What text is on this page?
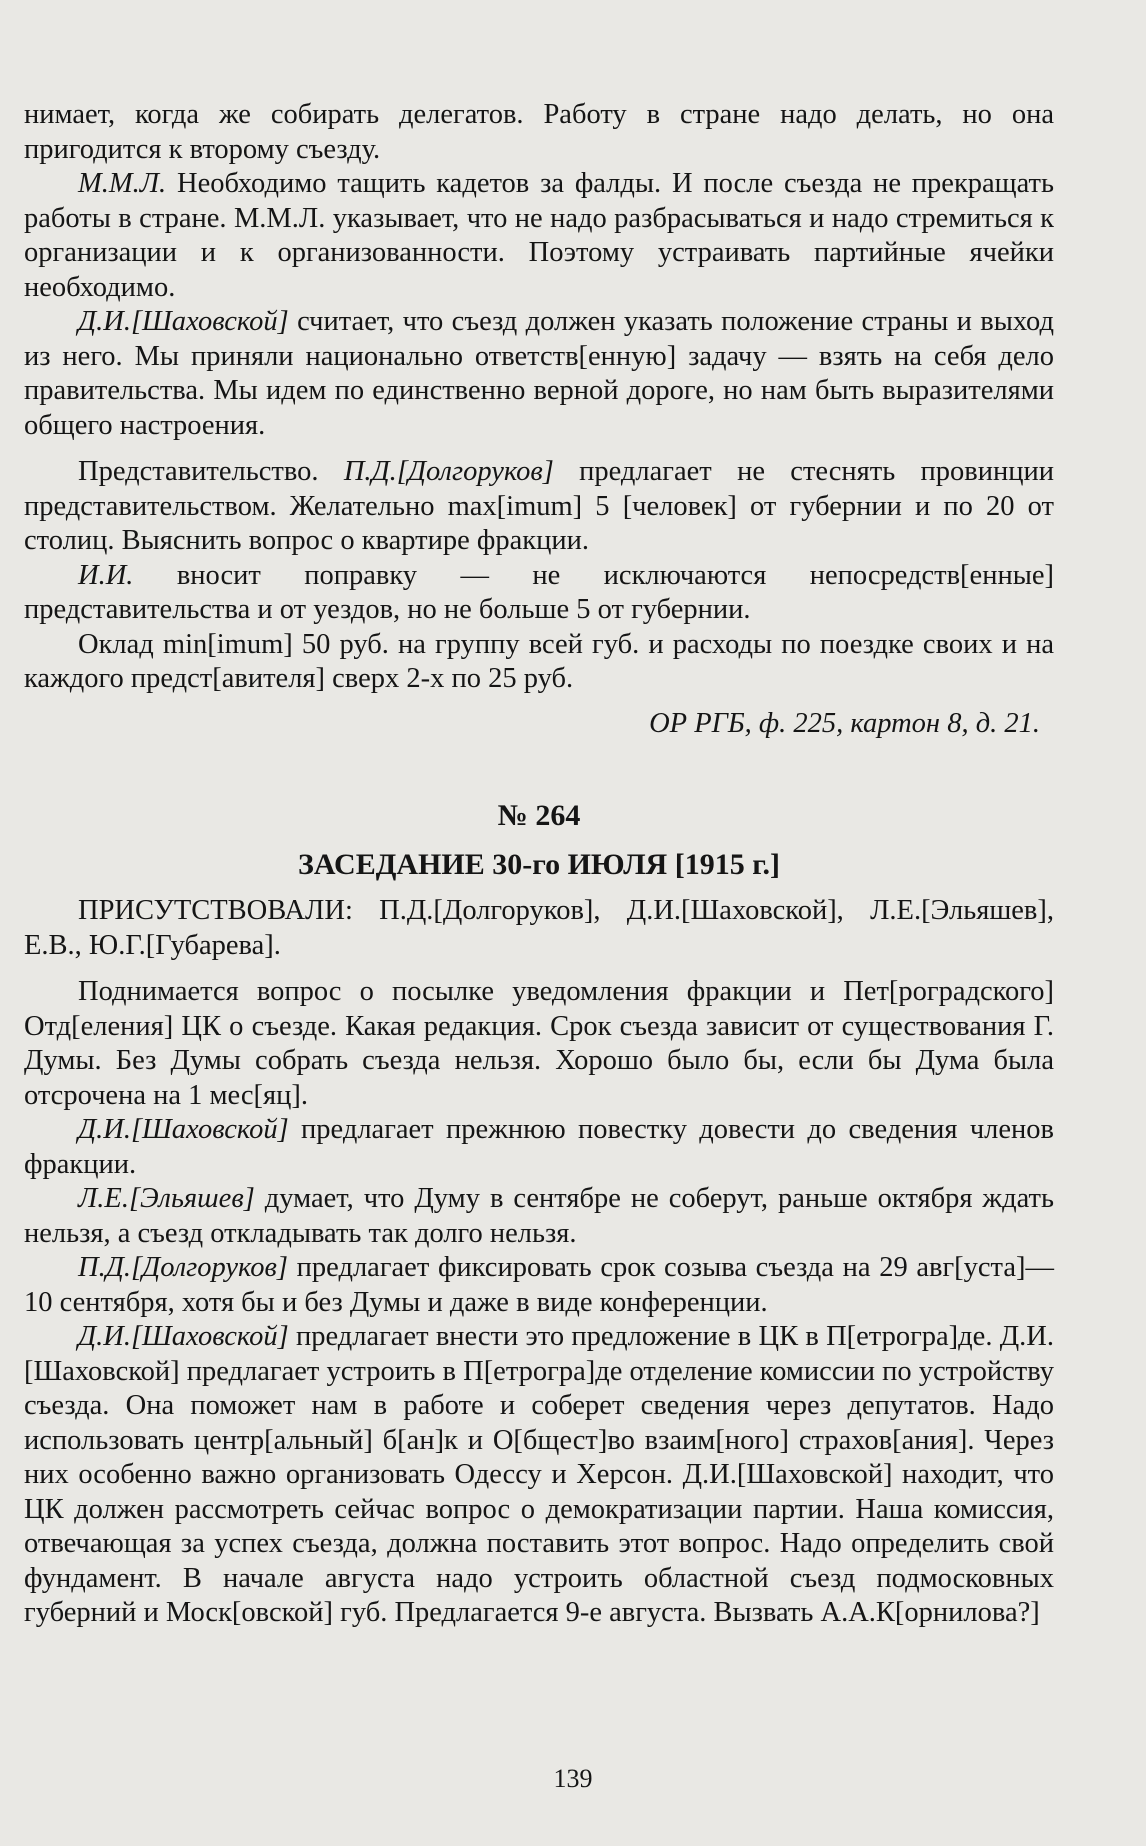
нимает, когда же собирать делегатов. Работу в стране надо делать, но она пригодится к второму съезду.

М.М.Л. Необходимо тащить кадетов за фалды. И после съезда не прекращать работы в стране. М.М.Л. указывает, что не надо разбрасываться и надо стремиться к организации и к организованности. Поэтому устраивать партийные ячейки необходимо.

Д.И.[Шаховской] считает, что съезд должен указать положение страны и выход из него. Мы приняли национально ответств[енную] задачу — взять на себя дело правительства. Мы идем по единственно верной дороге, но нам быть выразителями общего настроения.

Представительство. П.Д.[Долгоруков] предлагает не стеснять провинции представительством. Желательно max[imum] 5 [человек] от губернии и по 20 от столиц. Выяснить вопрос о квартире фракции.

И.И. вносит поправку — не исключаются непосредств[енные] представительства и от уездов, но не больше 5 от губернии.

Оклад min[imum] 50 руб. на группу всей губ. и расходы по поездке своих и на каждого предст[авителя] сверх 2-х по 25 руб.

ОР РГБ, ф. 225, картон 8, д. 21.

№ 264

ЗАСЕДАНИЕ 30-го ИЮЛЯ [1915 г.]

ПРИСУТСТВОВАЛИ: П.Д.[Долгоруков], Д.И.[Шаховской], Л.Е.[Эльяшев], Е.В., Ю.Г.[Губарева].

Поднимается вопрос о посылке уведомления фракции и Пет[роградского] Отд[еления] ЦК о съезде. Какая редакция. Срок съезда зависит от существования Г. Думы. Без Думы собрать съезда нельзя. Хорошо было бы, если бы Дума была отсрочена на 1 мес[яц].

Д.И.[Шаховской] предлагает прежнюю повестку довести до сведения членов фракции.

Л.Е.[Эльяшев] думает, что Думу в сентябре не соберут, раньше октября ждать нельзя, а съезд откладывать так долго нельзя.

П.Д.[Долгоруков] предлагает фиксировать срок созыва съезда на 29 авг[уста]—10 сентября, хотя бы и без Думы и даже в виде конференции.

Д.И.[Шаховской] предлагает внести это предложение в ЦК в П[етрогра]де. Д.И.[Шаховской] предлагает устроить в П[етрогра]де отделение комиссии по устройству съезда. Она поможет нам в работе и соберет сведения через депутатов. Надо использовать центр[альный] б[ан]к и О[бщест]во взаим[ного] страхов[ания]. Через них особенно важно организовать Одессу и Херсон. Д.И.[Шаховской] находит, что ЦК должен рассмотреть сейчас вопрос о демократизации партии. Наша комиссия, отвечающая за успех съезда, должна поставить этот вопрос. Надо определить свой фундамент. В начале августа надо устроить областной съезд подмосковных губерний и Моск[овской] губ. Предлагается 9-е августа. Вызвать А.А.К[орнилова?]

139
